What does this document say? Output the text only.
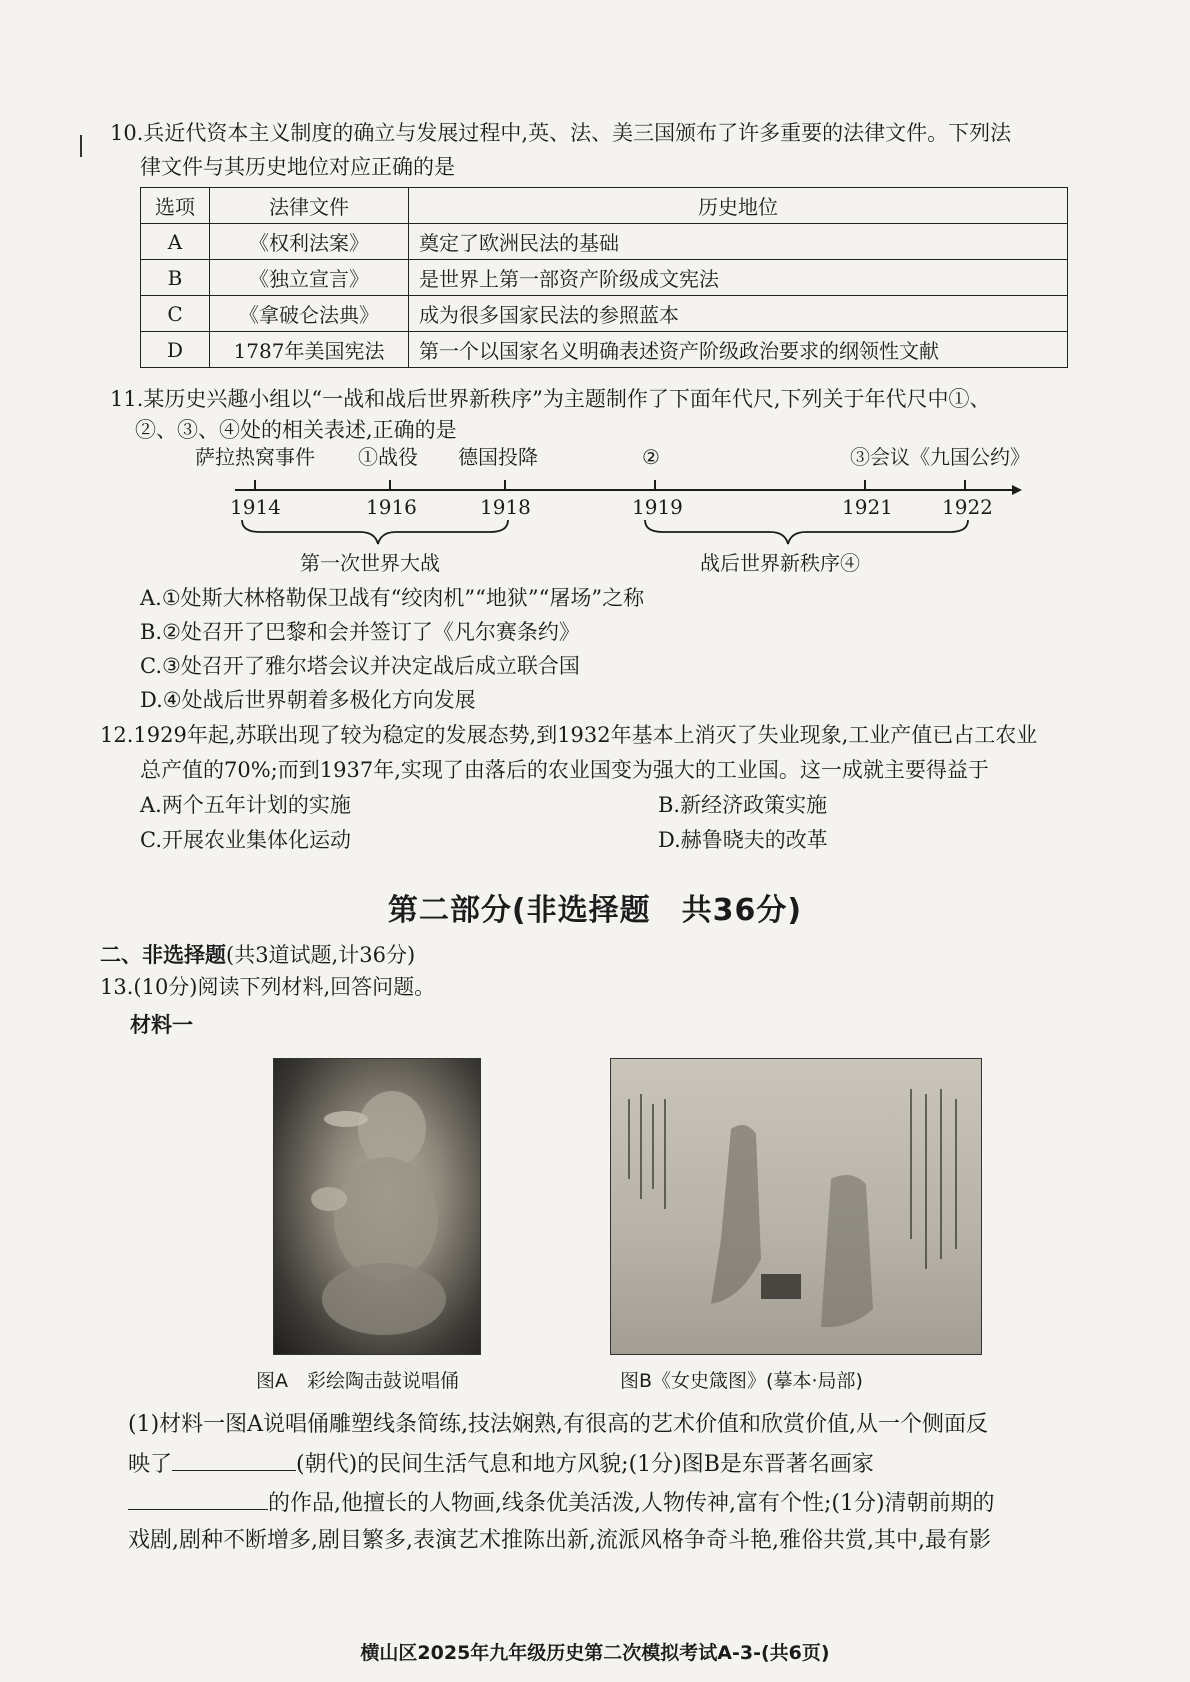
10.兵近代资本主义制度的确立与发展过程中,英、法、美三国颁布了许多重要的法律文件。下列法
律文件与其历史地位对应正确的是
选项	法律文件	历史地位
A	《权利法案》	奠定了欧洲民法的基础
B	《独立宣言》	是世界上第一部资产阶级成文宪法
C	《拿破仑法典》	成为很多国家民法的参照蓝本
D	1787年美国宪法	第一个以国家名义明确表述资产阶级政治要求的纲领性文献
11.某历史兴趣小组以“一战和战后世界新秩序”为主题制作了下面年代尺,下列关于年代尺中①、
②、③、④处的相关表述,正确的是
萨拉热窝事件 ①战役 德国投降	②	③会议《九国公约》
1914	1916	1918	1919	1921 1922
第一次世界大战	战后世界新秩序④
A.①处斯大林格勒保卫战有“绞肉机”“地狱”“屠场”之称
B.②处召开了巴黎和会并签订了《凡尔赛条约》
C.③处召开了雅尔塔会议并决定战后成立联合国
D.④处战后世界朝着多极化方向发展
12.1929年起,苏联出现了较为稳定的发展态势,到1932年基本上消灭了失业现象,工业产值已占工农业
总产值的70%;而到1937年,实现了由落后的农业国变为强大的工业国。这一成就主要得益于
A.两个五年计划的实施	B.新经济政策实施
C.开展农业集体化运动	D.赫鲁晓夫的改革
第二部分(非选择题　共36分)
二、非选择题(共3道试题,计36分)
13.(10分)阅读下列材料,回答问题。
材料一
图A　彩绘陶击鼓说唱俑	图B《女史箴图》(摹本·局部)
(1)材料一图A说唱俑雕塑线条简练,技法娴熟,有很高的艺术价值和欣赏价值,从一个侧面反
映了	(朝代)的民间生活气息和地方风貌;(1分)图B是东晋著名画家
的作品,他擅长的人物画,线条优美活泼,人物传神,富有个性;(1分)清朝前期的
戏剧,剧种不断增多,剧目繁多,表演艺术推陈出新,流派风格争奇斗艳,雅俗共赏,其中,最有影
横山区2025年九年级历史第二次模拟考试A-3-(共6页)
